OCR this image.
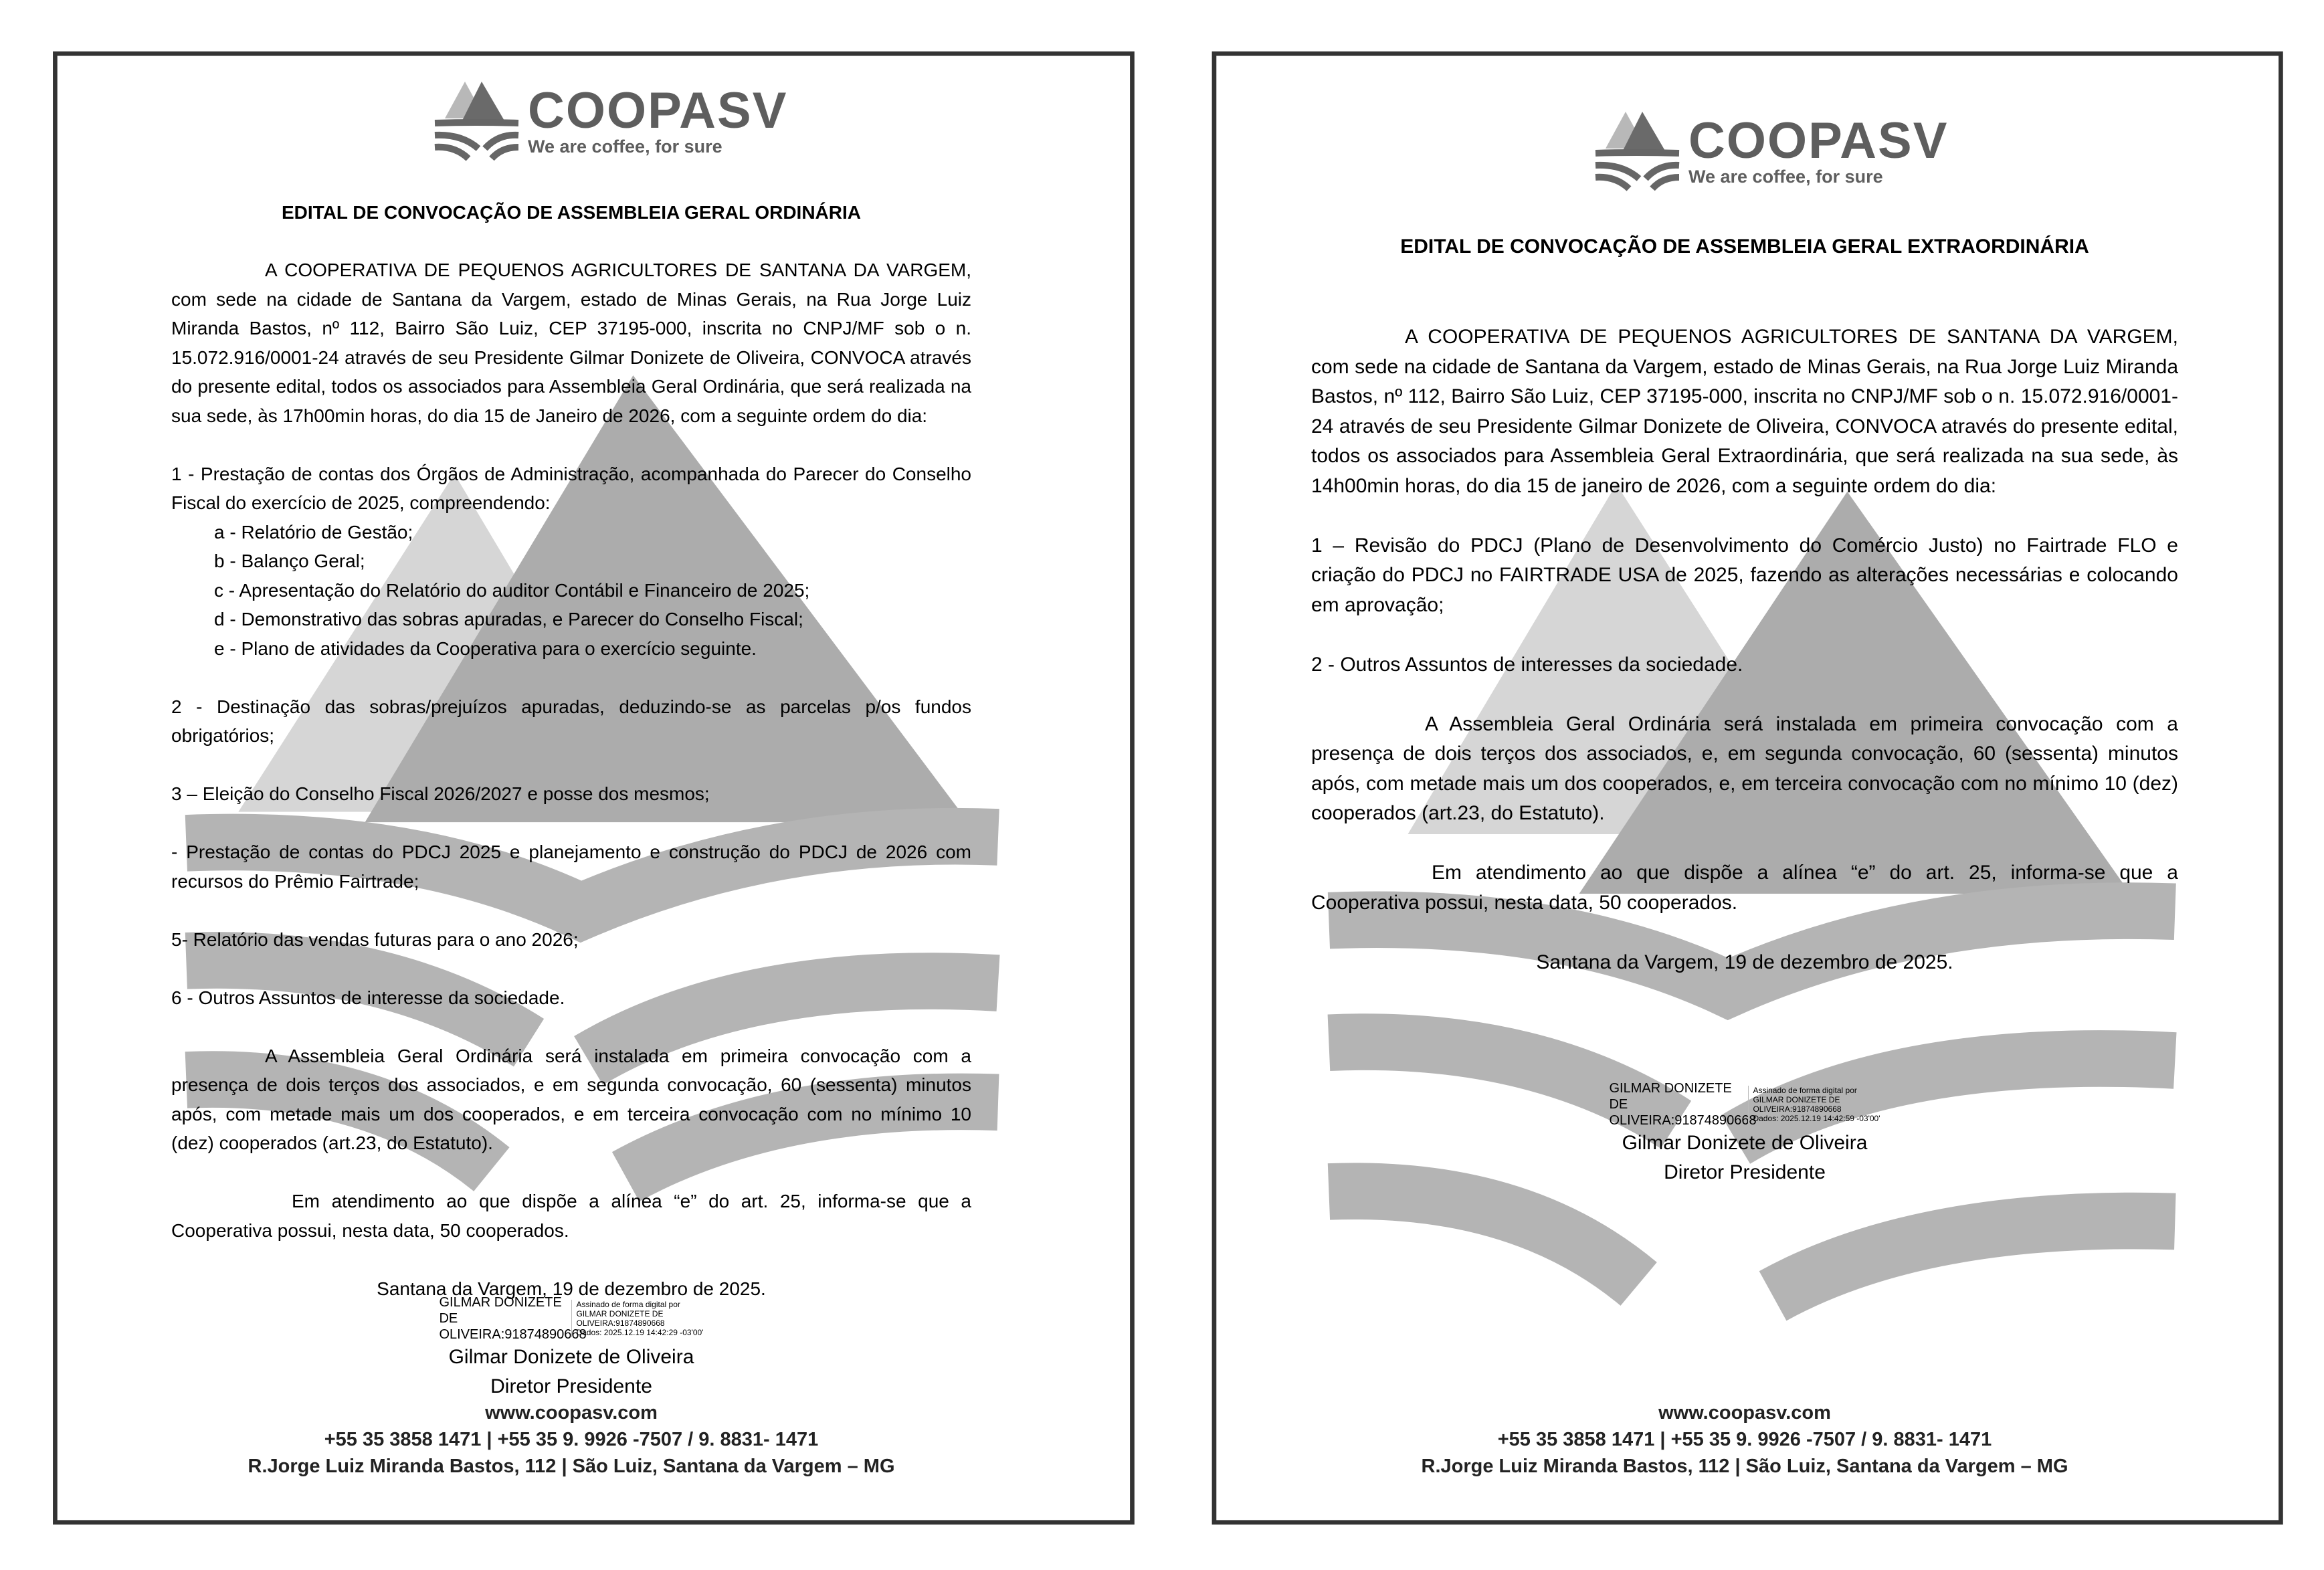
COOPASV
We are coffee, for sure
EDITAL DE CONVOCAÇÃO DE ASSEMBLEIA GERAL ORDINÁRIA

A COOPERATIVA DE PEQUENOS AGRICULTORES DE SANTANA DA VARGEM, com sede na cidade de Santana da Vargem, estado de Minas Gerais, na Rua Jorge Luiz Miranda Bastos, nº 112, Bairro São Luiz, CEP 37195-000, inscrita no CNPJ/MF sob o n. 15.072.916/0001-24 através de seu Presidente Gilmar Donizete de Oliveira, CONVOCA através do presente edital, todos os associados para Assembleia Geral Ordinária, que será realizada na sua sede, às 17h00min horas, do dia 15 de Janeiro de 2026, com a seguinte ordem do dia:

1 - Prestação de contas dos Órgãos de Administração, acompanhada do Parecer do Conselho Fiscal do exercício de 2025, compreendendo:

a - Relatório de Gestão;
b - Balanço Geral;
c - Apresentação do Relatório do auditor Contábil e Financeiro de 2025;
d - Demonstrativo das sobras apuradas, e Parecer do Conselho Fiscal;
e - Plano de atividades da Cooperativa para o exercício seguinte.

2 - Destinação das sobras/prejuízos apuradas, deduzindo-se as parcelas p/os fundos obrigatórios;

3 – Eleição do Conselho Fiscal 2026/2027 e posse dos mesmos;

- Prestação de contas do PDCJ 2025 e planejamento e construção do PDCJ de 2026 com recursos do Prêmio Fairtrade;

5- Relatório das vendas futuras para o ano 2026;

6 - Outros Assuntos de interesse da sociedade.

A Assembleia Geral Ordinária será instalada em primeira convocação com a presença de dois terços dos associados, e em segunda convocação, 60 (sessenta) minutos após, com metade mais um dos cooperados, e em terceira convocação com no mínimo 10 (dez) cooperados (art.23, do Estatuto).

Em atendimento ao que dispõe a alínea “e” do art. 25, informa-se que a Cooperativa possui, nesta data, 50 cooperados.

Santana da Vargem, 19 de dezembro de 2025.

GILMAR DONIZETE DE OLIVEIRA:91874890668
Assinado de forma digital por
GILMAR DONIZETE DE
OLIVEIRA:91874890668
Dados: 2025.12.19 14:42:29 -03'00'
Gilmar Donizete de Oliveira
Diretor Presidente
www.coopasv.com
+55 35 3858 1471 | +55 35 9. 9926 -7507 / 9. 8831- 1471
R.Jorge Luiz Miranda Bastos, 112 | São Luiz, Santana da Vargem – MG
COOPASV
We are coffee, for sure
EDITAL DE CONVOCAÇÃO DE ASSEMBLEIA GERAL EXTRAORDINÁRIA

A COOPERATIVA DE PEQUENOS AGRICULTORES DE SANTANA DA VARGEM, com sede na cidade de Santana da Vargem, estado de Minas Gerais, na Rua Jorge Luiz Miranda Bastos, nº 112, Bairro São Luiz, CEP 37195-000, inscrita no CNPJ/MF sob o n. 15.072.916/0001-24 através de seu Presidente Gilmar Donizete de Oliveira, CONVOCA através do presente edital, todos os associados para Assembleia Geral Extraordinária, que será realizada na sua sede, às 14h00min horas, do dia 15 de janeiro de 2026, com a seguinte ordem do dia:

1 – Revisão do PDCJ (Plano de Desenvolvimento do Comércio Justo) no Fairtrade FLO e criação do PDCJ no FAIRTRADE USA de 2025, fazendo as alterações necessárias e colocando em aprovação;

2 - Outros Assuntos de interesses da sociedade.

A Assembleia Geral Ordinária será instalada em primeira convocação com a presença de dois terços dos associados, e, em segunda convocação, 60 (sessenta) minutos após, com metade mais um dos cooperados, e, em terceira convocação com no mínimo 10 (dez) cooperados (art.23, do Estatuto).

Em atendimento ao que dispõe a alínea “e” do art. 25, informa-se que a Cooperativa possui, nesta data, 50 cooperados.

Santana da Vargem, 19 de dezembro de 2025.

GILMAR DONIZETE DE OLIVEIRA:91874890668
Assinado de forma digital por
GILMAR DONIZETE DE
OLIVEIRA:91874890668
Dados: 2025.12.19 14:42:59 -03'00'
Gilmar Donizete de Oliveira
Diretor Presidente
www.coopasv.com
+55 35 3858 1471 | +55 35 9. 9926 -7507 / 9. 8831- 1471
R.Jorge Luiz Miranda Bastos, 112 | São Luiz, Santana da Vargem – MG
